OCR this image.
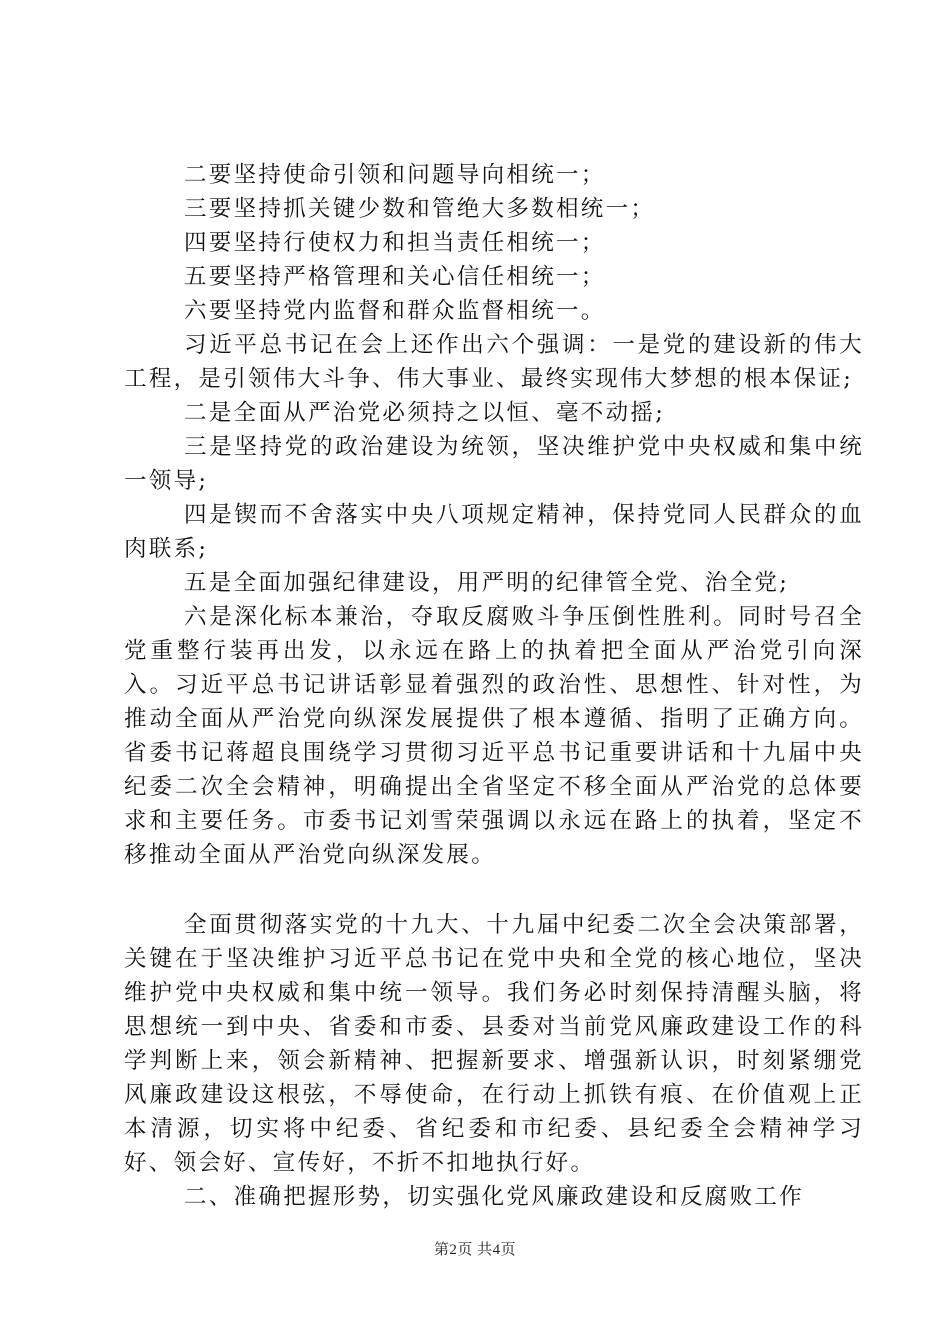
二要坚持使命引领和问题导向相统一；

三要坚持抓关键少数和管绝大多数相统一；

四要坚持行使权力和担当责任相统一；

五要坚持严格管理和关心信任相统一；

六要坚持党内监督和群众监督相统一。

习近平总书记在会上还作出六个强调：一是党的建设新的伟大工程，是引领伟大斗争、伟大事业、最终实现伟大梦想的根本保证;

二是全面从严治党必须持之以恒、毫不动摇;

三是坚持党的政治建设为统领，坚决维护党中央权威和集中统一领导;

四是锲而不舍落实中央八项规定精神，保持党同人民群众的血肉联系;

五是全面加强纪律建设，用严明的纪律管全党、治全党;

六是深化标本兼治，夺取反腐败斗争压倒性胜利。同时号召全党重整行装再出发，以永远在路上的执着把全面从严治党引向深入。习近平总书记讲话彰显着强烈的政治性、思想性、针对性，为推动全面从严治党向纵深发展提供了根本遵循、指明了正确方向。省委书记蒋超良围绕学习贯彻习近平总书记重要讲话和十九届中央纪委二次全会精神，明确提出全省坚定不移全面从严治党的总体要求和主要任务。市委书记刘雪荣强调以永远在路上的执着，坚定不移推动全面从严治党向纵深发展。

全面贯彻落实党的十九大、十九届中纪委二次全会决策部署，关键在于坚决维护习近平总书记在党中央和全党的核心地位，坚决维护党中央权威和集中统一领导。我们务必时刻保持清醒头脑，将思想统一到中央、省委和市委、县委对当前党风廉政建设工作的科学判断上来，领会新精神、把握新要求、增强新认识，时刻紧绷党风廉政建设这根弦，不辱使命，在行动上抓铁有痕、在价值观上正本清源，切实将中纪委、省纪委和市纪委、县纪委全会精神学习好、领会好、宣传好，不折不扣地执行好。

二、准确把握形势，切实强化党风廉政建设和反腐败工作

第2页 共4页
